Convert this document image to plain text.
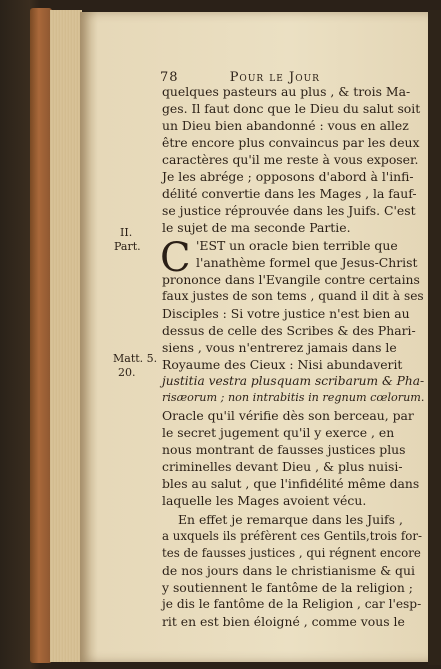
78	Pour le Jour
quelques pasteurs au plus , & trois Ma-
ges. Il faut donc que le Dieu du salut soit
un Dieu bien abandonné : vous en allez
être encore plus convaincus par les deux
caractères qu'il me reste à vous exposer.
Je les abrége ; opposons d'abord à l'infi-
délité convertie dans les Mages , la fauf-
se justice réprouvée dans les Juifs. C'est
le sujet de ma seconde Partie.
II.
Part.
Matt. 5.
20.
C 'EST un oracle bien terrible que
l'anathème formel que Jesus-Christ
prononce dans l'Evangile contre certains
faux justes de son tems , quand il dit à ses
Disciples : Si votre justice n'est bien au
dessus de celle des Scribes & des Phari-
siens , vous n'entrerez jamais dans le
Royaume des Cieux : Nisi abundaverit
justitia vestra plusquam scribarum & Pha-
risæorum ; non intrabitis in regnum cœlorum.
Oracle qu'il vérifie dès son berceau, par
le secret jugement qu'il y exerce , en
nous montrant de fausses justices plus
criminelles devant Dieu , & plus nuisi-
bles au salut , que l'infidélité même dans
laquelle les Mages avoient vécu.
En effet je remarque dans les Juifs ,
a uxquels ils préfèrent ces Gentils,trois for-
tes de fausses justices , qui régnent encore
de nos jours dans le christianisme & qui
y soutiennent le fantôme de la religion ;
je dis le fantôme de la Religion , car l'esp-
rit en est bien éloigné , comme vous le
